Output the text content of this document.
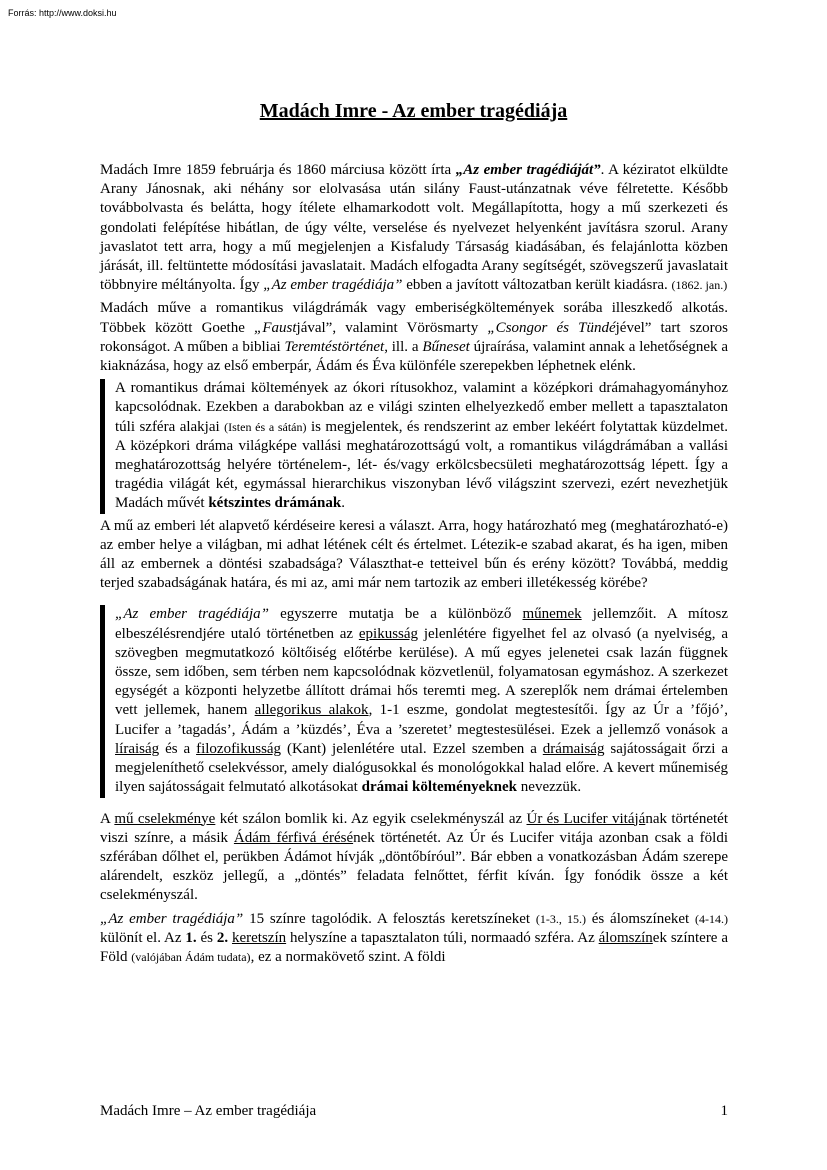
Forrás: http://www.doksi.hu
Madách Imre - Az ember tragédiája

Madách Imre 1859 februárja és 1860 márciusa között írta „Az ember tragédiáját”. A kéziratot elküldte Arany Jánosnak, aki néhány sor elolvasása után silány Faust-utánzatnak véve félretette. Később továbbolvasta és belátta, hogy ítélete elhamarkodott volt. Megállapította, hogy a mű szerkezeti és gondolati felépítése hibátlan, de úgy vélte, verselése és nyelvezet helyenként javításra szorul. Arany javaslatot tett arra, hogy a mű megjelenjen a Kisfaludy Társaság kiadásában, és felajánlotta közben járását, ill. feltüntette módosítási javaslatait. Madách elfogadta Arany segítségét, szövegszerű javaslatait többnyire méltányolta. Így „Az ember tragédiája” ebben a javított változatban került kiadásra. (1862. jan.)

Madách műve a romantikus világdrámák vagy emberiségköltemények sorába illeszkedő alkotás. Többek között Goethe „Faustjával”, valamint Vörösmarty „Csongor és Tündéjével” tart szoros rokonságot. A műben a bibliai Teremtéstörténet, ill. a Bűneset újraírása, valamint annak a lehetőségnek a kiaknázása, hogy az első emberpár, Ádám és Éva különféle szerepekben léphetnek elénk.

A romantikus drámai költemények az ókori rítusokhoz, valamint a középkori drámahagyományhoz kapcsolódnak. Ezekben a darabokban az e világi szinten elhelyezkedő ember mellett a tapasztalaton túli szféra alakjai (Isten és a sátán) is megjelentek, és rendszerint az ember lekéért folytattak küzdelmet. A középkori dráma világképe vallási meghatározottságú volt, a romantikus világdrámában a vallási meghatározottság helyére történelem-, lét- és/vagy erkölcsbecsületi meghatározottság lépett. Így a tragédia világát két, egymással hierarchikus viszonyban lévő világszint szervezi, ezért nevezhetjük Madách művét kétszintes drámának.

A mű az emberi lét alapvető kérdéseire keresi a választ. Arra, hogy határozható meg (meghatározható-e) az ember helye a világban, mi adhat létének célt és értelmet. Létezik-e szabad akarat, és ha igen, miben áll az embernek a döntési szabadsága? Választhat-e tetteivel bűn és erény között? Továbbá, meddig terjed szabadságának határa, és mi az, ami már nem tartozik az emberi illetékesség körébe?

„Az ember tragédiája” egyszerre mutatja be a különböző műnemek jellemzőit. A mítosz elbeszélésrendjére utaló történetben az epikusság jelenlétére figyelhet fel az olvasó (a nyelviség, a szövegben megmutatkozó költőiség előtérbe kerülése). A mű egyes jelenetei csak lazán függnek össze, sem időben, sem térben nem kapcsolódnak közvetlenül, folyamatosan egymáshoz. A szerkezet egységét a központi helyzetbe állított drámai hős teremti meg. A szereplők nem drámai értelemben vett jellemek, hanem allegorikus alakok, 1-1 eszme, gondolat megtestesítői. Így az Úr a ’főjó’, Lucifer a ’tagadás’, Ádám a ’küzdés’, Éva a ’szeretet’ megtestesülései. Ezek a jellemző vonások a líraiság és a filozofikusság (Kant) jelenlétére utal. Ezzel szemben a drámaiság sajátosságait őrzi a megjeleníthető cselekvéssor, amely dialógusokkal és monológokkal halad előre. A kevert műnemiség ilyen sajátosságait felmutató alkotásokat drámai költeményeknek nevezzük.

A mű cselekménye két szálon bomlik ki. Az egyik cselekményszál az Úr és Lucifer vitájának történetét viszi színre, a másik Ádám férfivá érésének történetét. Az Úr és Lucifer vitája azonban csak a földi szférában dőlhet el, perükben Ádámot hívják „döntőbíróul”. Bár ebben a vonatkozásban Ádám szerepe alárendelt, eszköz jellegű, a „döntés” feladata felnőttet, férfit kíván. Így fonódik össze a két cselekményszál.

„Az ember tragédiája” 15 színre tagolódik. A felosztás keretszíneket (1-3., 15.) és álomszíneket (4-14.) különít el. Az 1. és 2. keretszín helyszíne a tapasztalaton túli, normaadó szféra. Az álomszínek színtere a Föld (valójában Ádám tudata), ez a normakövető szint. A földi

Madách Imre – Az ember tragédiája	1
